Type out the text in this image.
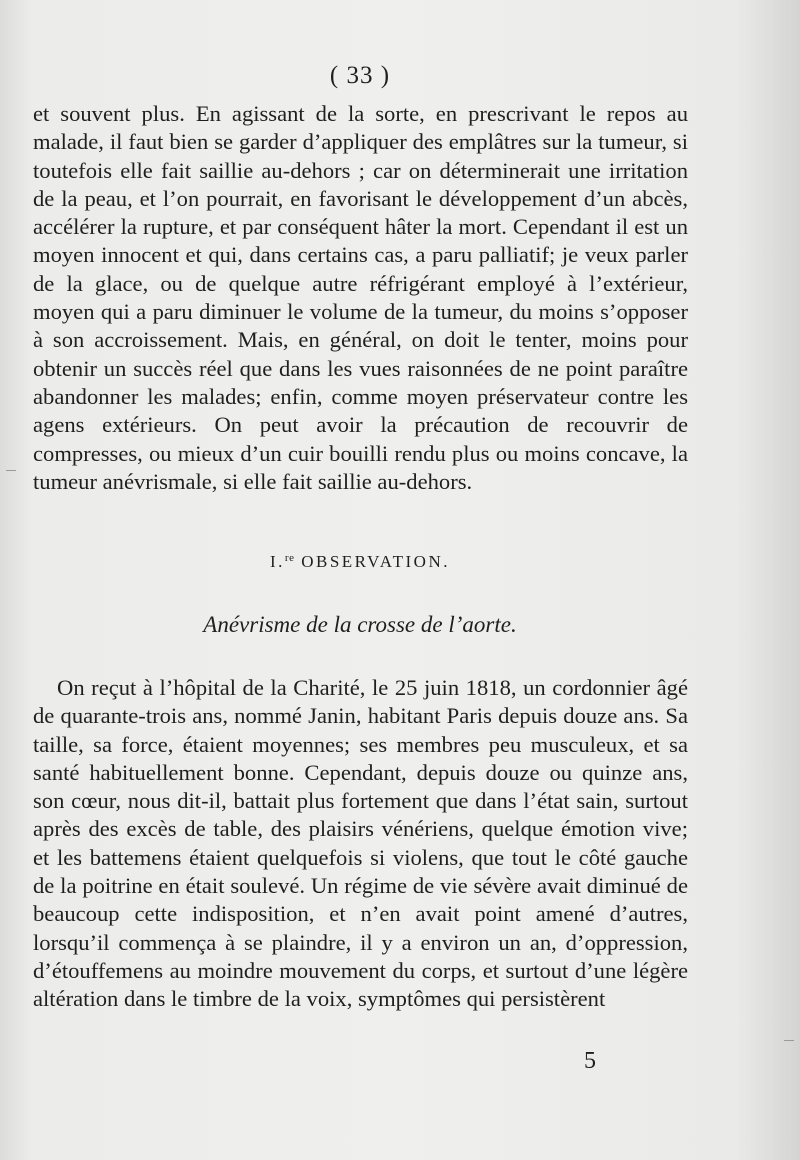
( 33 )

et souvent plus. En agissant de la sorte, en prescrivant le repos au malade, il faut bien se garder d’appliquer des emplâtres sur la tumeur, si toutefois elle fait saillie au-dehors ; car on déterminerait une irritation de la peau, et l’on pourrait, en favorisant le développement d’un abcès, accélérer la rupture, et par conséquent hâter la mort. Cependant il est un moyen innocent et qui, dans certains cas, a paru palliatif; je veux parler de la glace, ou de quelque autre réfrigérant employé à l’extérieur, moyen qui a paru diminuer le volume de la tumeur, du moins s’opposer à son accroissement. Mais, en général, on doit le tenter, moins pour obtenir un succès réel que dans les vues raisonnées de ne point paraître abandonner les malades; enfin, comme moyen préservateur contre les agens extérieurs. On peut avoir la précaution de recouvrir de compresses, ou mieux d’un cuir bouilli rendu plus ou moins concave, la tumeur anévrismale, si elle fait saillie au-dehors.

I.$^{re}$ OBSERVATION.
Anévrisme de la crosse de l’aorte.

On reçut à l’hôpital de la Charité, le 25 juin 1818, un cordonnier âgé de quarante-trois ans, nommé Janin, habitant Paris depuis douze ans. Sa taille, sa force, étaient moyennes; ses membres peu musculeux, et sa santé habituellement bonne. Cependant, depuis douze ou quinze ans, son cœur, nous dit-il, battait plus fortement que dans l’état sain, surtout après des excès de table, des plaisirs vénériens, quelque émotion vive; et les battemens étaient quelquefois si violens, que tout le côté gauche de la poitrine en était soulevé. Un régime de vie sévère avait diminué de beaucoup cette indisposition, et n’en avait point amené d’autres, lorsqu’il commença à se plaindre, il y a environ un an, d’oppression, d’étouffemens au moindre mouvement du corps, et surtout d’une légère altération dans le timbre de la voix, symptômes qui persistèrent

5
